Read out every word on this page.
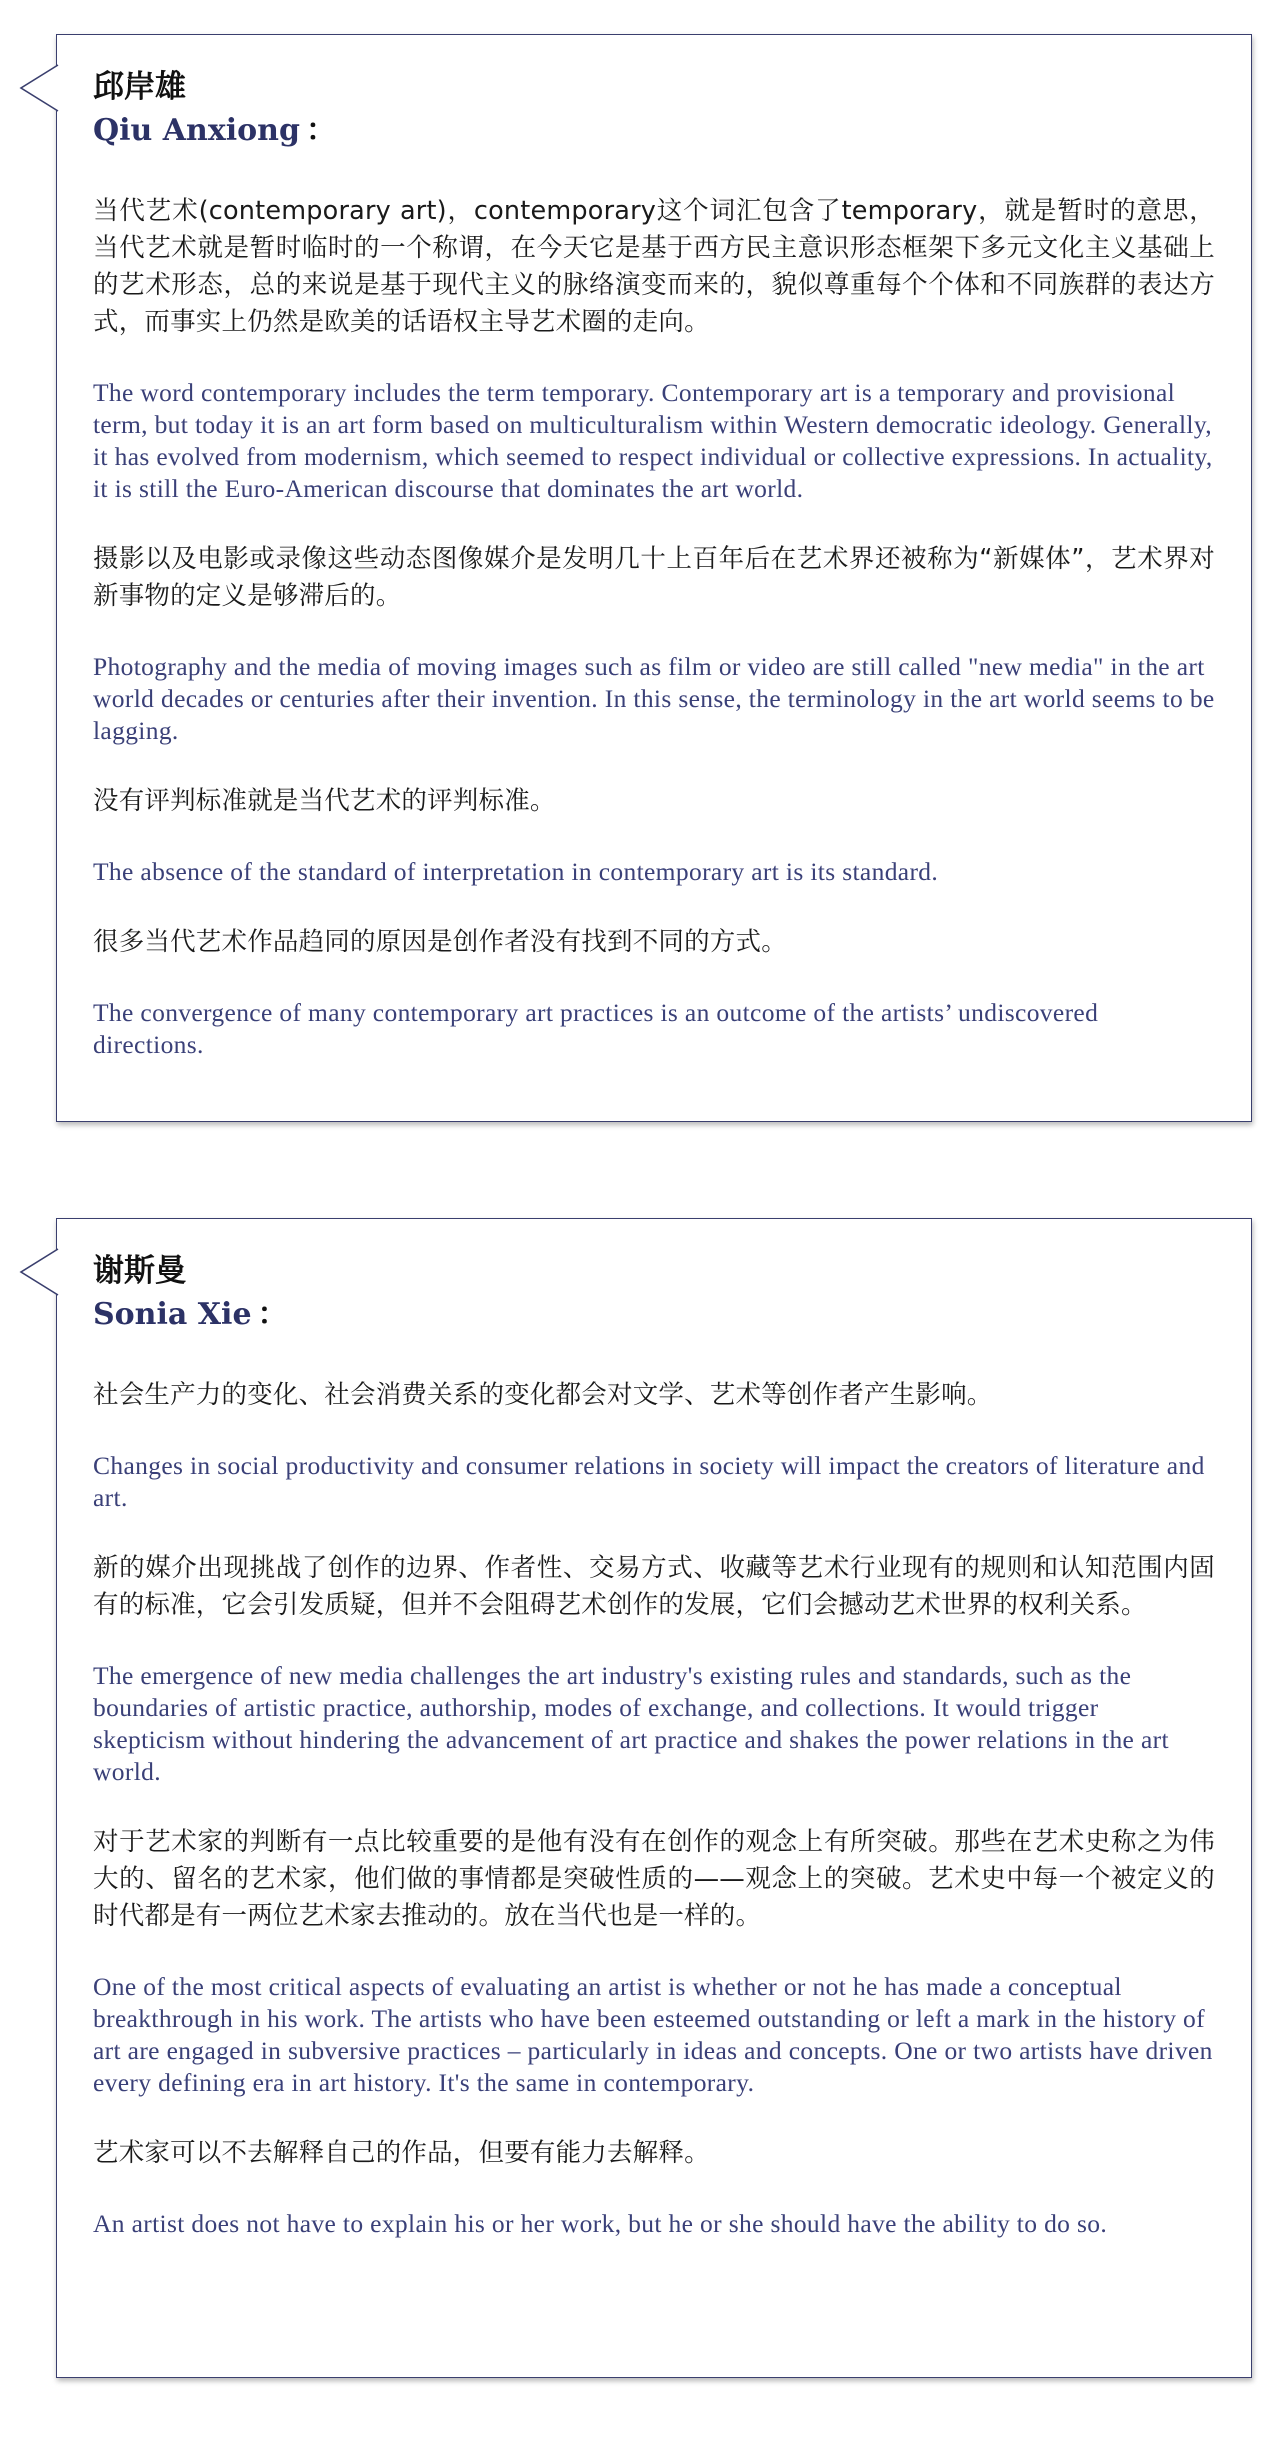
邱岸雄
Qiu Anxiong ：

当代艺术(contemporary art)，contemporary这个词汇包含了temporary，就是暂时的意思，当代艺术就是暂时临时的一个称谓，在今天它是基于西方民主意识形态框架下多元文化主义基础上的艺术形态，总的来说是基于现代主义的脉络演变而来的，貌似尊重每个个体和不同族群的表达方式，而事实上仍然是欧美的话语权主导艺术圈的走向。

The word contemporary includes the term temporary. Contemporary art is a temporary and provisional term, but today it is an art form based on multiculturalism within Western democratic ideology. Generally, it has evolved from modernism, which seemed to respect individual or collective expressions. In actuality, it is still the Euro-American discourse that dominates the art world.

摄影以及电影或录像这些动态图像媒介是发明几十上百年后在艺术界还被称为“新媒体”，艺术界对新事物的定义是够滞后的。

Photography and the media of moving images such as film or video are still called "new media" in the art world decades or centuries after their invention. In this sense, the terminology in the art world seems to be lagging.

没有评判标准就是当代艺术的评判标准。

The absence of the standard of interpretation in contemporary art is its standard.

很多当代艺术作品趋同的原因是创作者没有找到不同的方式。

The convergence of many contemporary art practices is an outcome of the artists’ undiscovered directions.

谢斯曼
Sonia Xie ：

社会生产力的变化、社会消费关系的变化都会对文学、艺术等创作者产生影响。

Changes in social productivity and consumer relations in society will impact the creators of literature and art.

新的媒介出现挑战了创作的边界、作者性、交易方式、收藏等艺术行业现有的规则和认知范围内固有的标准，它会引发质疑，但并不会阻碍艺术创作的发展，它们会撼动艺术世界的权利关系。

The emergence of new media challenges the art industry's existing rules and standards, such as the boundaries of artistic practice, authorship, modes of exchange, and collections. It would trigger skepticism without hindering the advancement of art practice and shakes the power relations in the art world.

对于艺术家的判断有一点比较重要的是他有没有在创作的观念上有所突破。那些在艺术史称之为伟大的、留名的艺术家，他们做的事情都是突破性质的——观念上的突破。艺术史中每一个被定义的时代都是有一两位艺术家去推动的。放在当代也是一样的。

One of the most critical aspects of evaluating an artist is whether or not he has made a conceptual breakthrough in his work. The artists who have been esteemed outstanding or left a mark in the history of art are engaged in subversive practices – particularly in ideas and concepts. One or two artists have driven every defining era in art history. It's the same in contemporary.

艺术家可以不去解释自己的作品，但要有能力去解释。

An artist does not have to explain his or her work, but he or she should have the ability to do so.
